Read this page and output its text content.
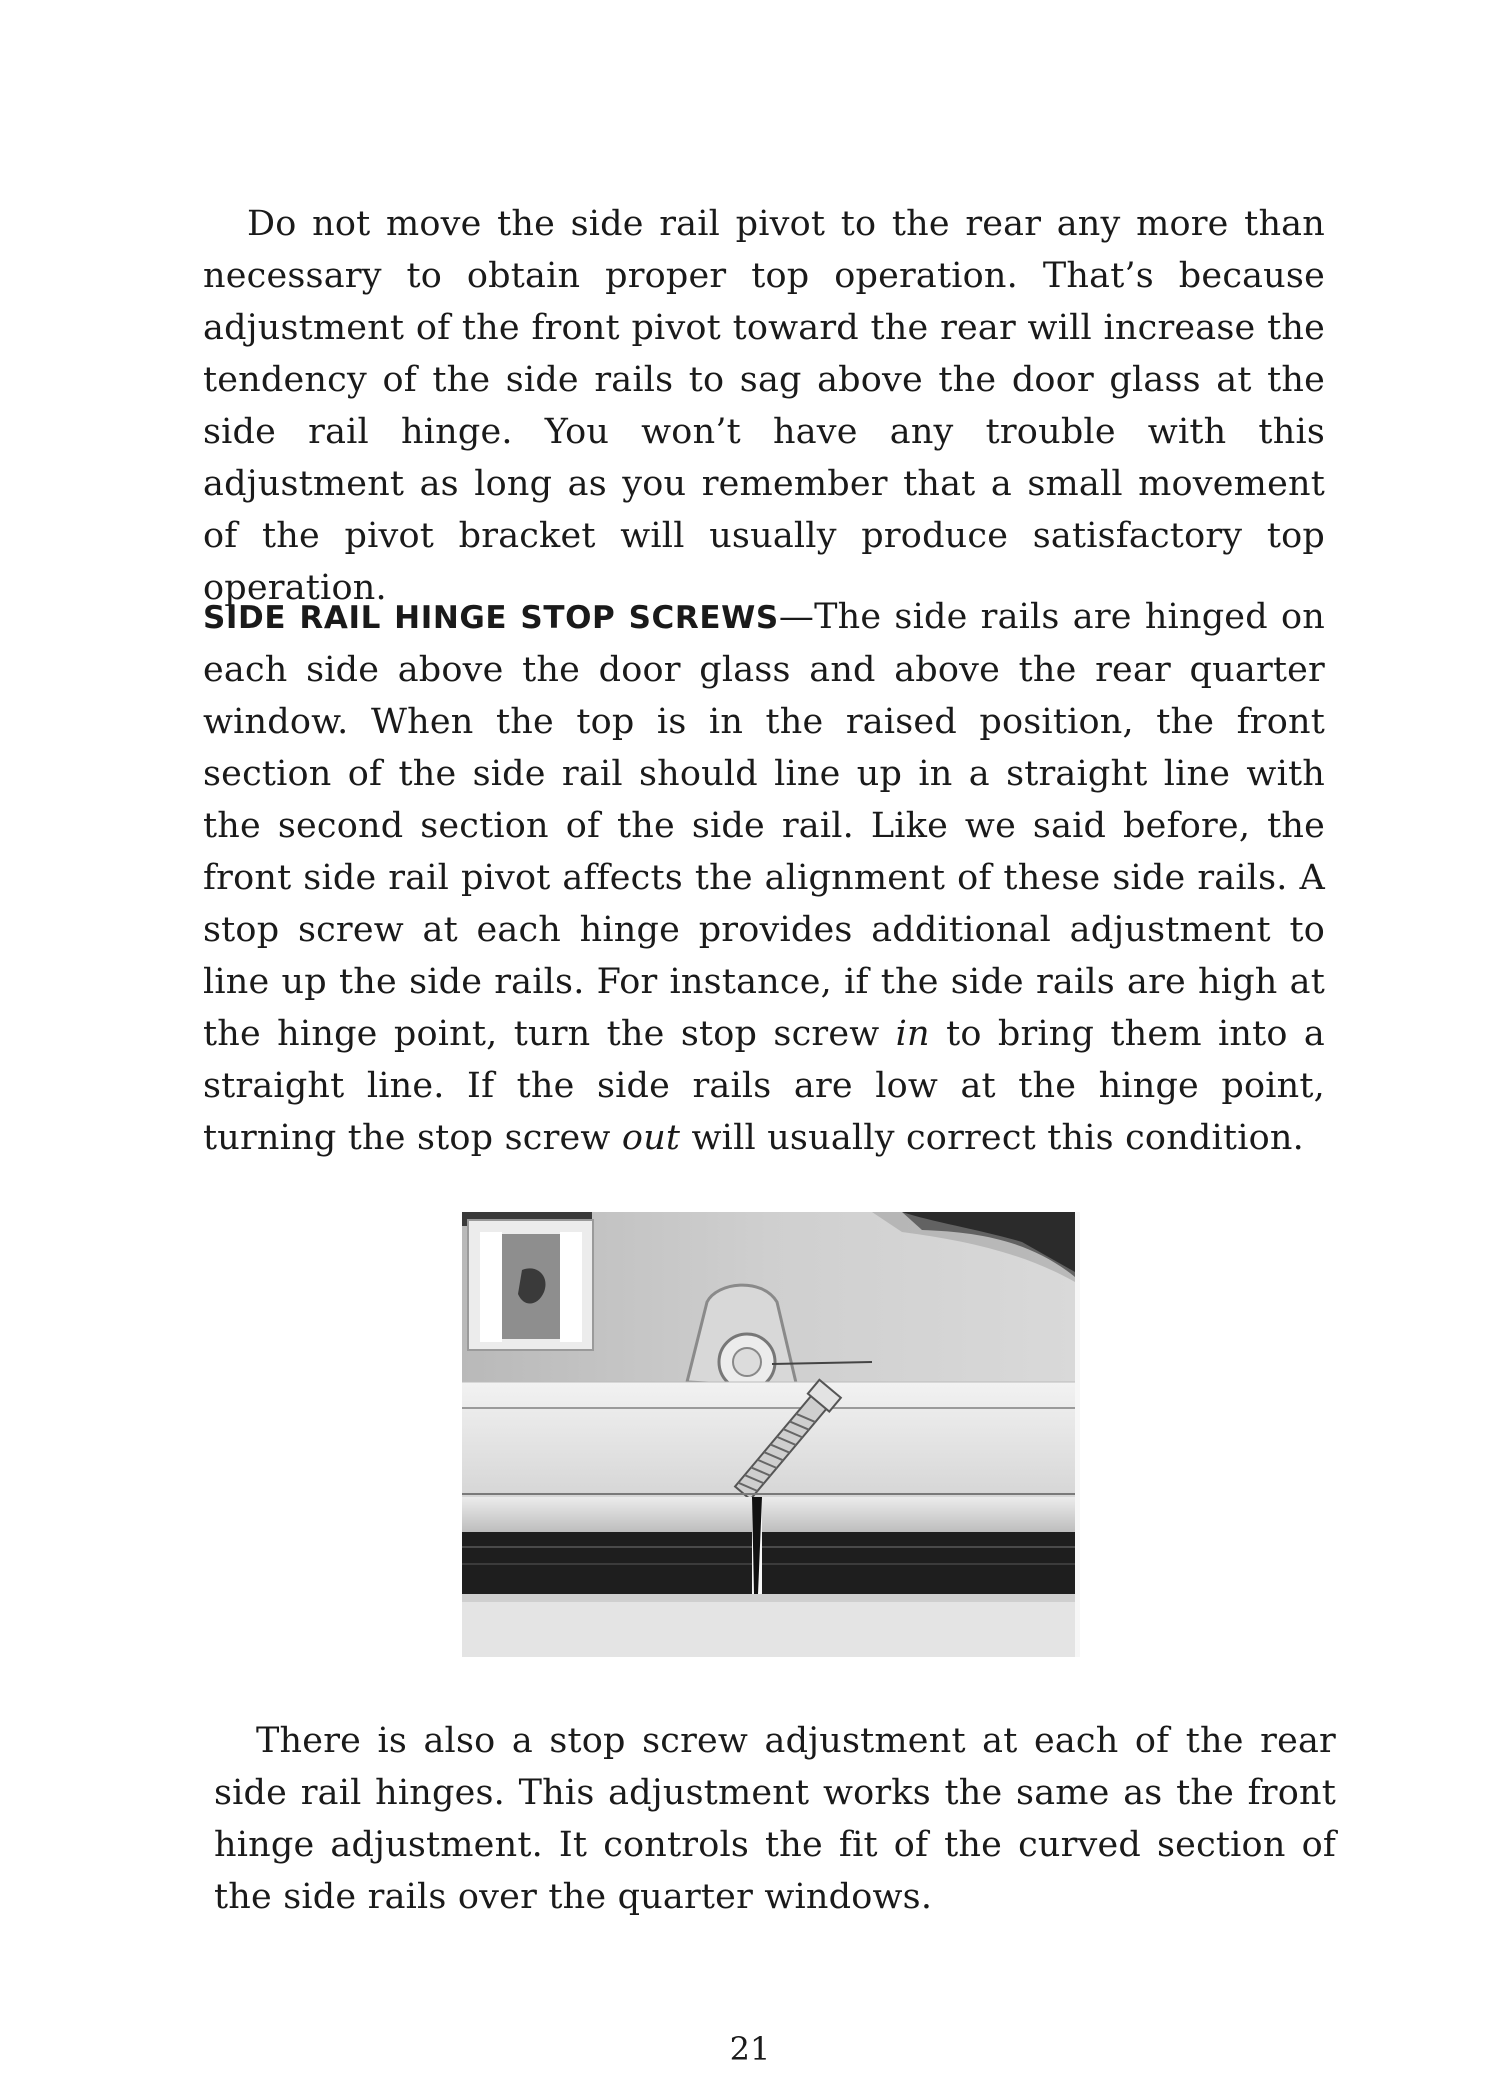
Do not move the side rail pivot to the rear any more than necessary to obtain proper top operation. That’s because adjustment of the front pivot toward the rear will increase the tendency of the side rails to sag above the door glass at the side rail hinge. You won’t have any trouble with this adjustment as long as you remember that a small movement of the pivot bracket will usually produce satisfactory top operation.

SIDE RAIL HINGE STOP SCREWS—The side rails are hinged on each side above the door glass and above the rear quarter window. When the top is in the raised position, the front section of the side rail should line up in a straight line with the second section of the side rail. Like we said before, the front side rail pivot affects the alignment of these side rails. A stop screw at each hinge provides additional adjustment to line up the side rails. For instance, if the side rails are high at the hinge point, turn the stop screw in to bring them into a straight line. If the side rails are low at the hinge point, turning the stop screw out will usually correct this condition.

There is also a stop screw adjustment at each of the rear side rail hinges. This adjustment works the same as the front hinge adjustment. It controls the fit of the curved section of the side rails over the quarter windows.

21
